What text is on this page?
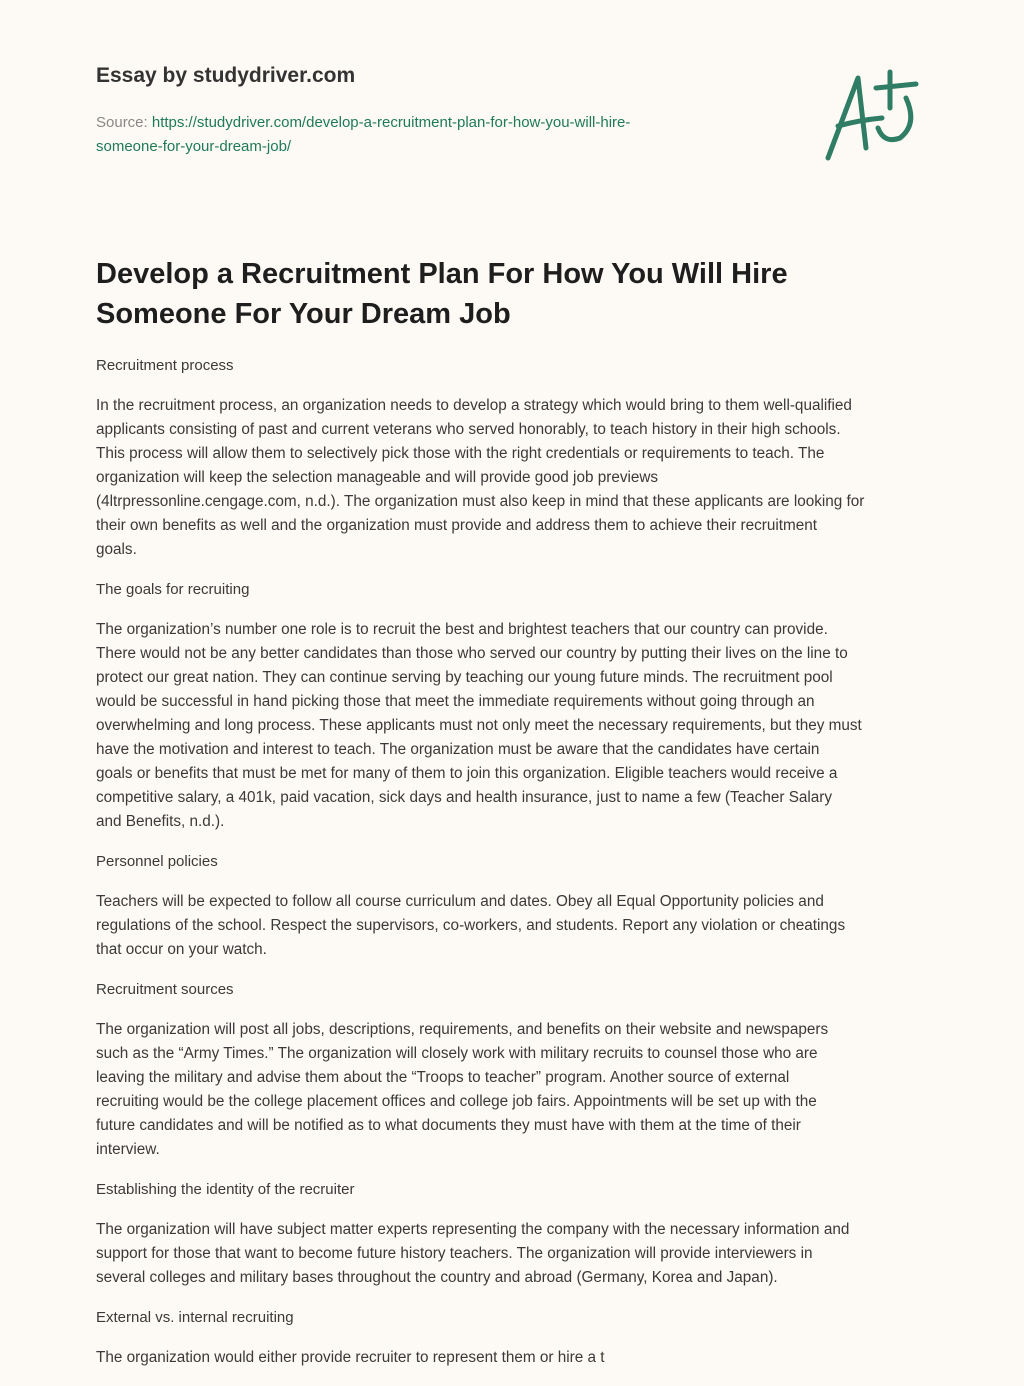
Essay by studydriver.com
Source: https://studydriver.com/develop-a-recruitment-plan-for-how-you-will-hire-
someone-for-your-dream-job/
Develop a Recruitment Plan For How You Will Hire
Someone For Your Dream Job
Recruitment process
In the recruitment process, an organization needs to develop a strategy which would bring to them well-qualified
applicants consisting of past and current veterans who served honorably, to teach history in their high schools.
This process will allow them to selectively pick those with the right credentials or requirements to teach. The
organization will keep the selection manageable and will provide good job previews
(4ltrpressonline.cengage.com, n.d.). The organization must also keep in mind that these applicants are looking for
their own benefits as well and the organization must provide and address them to achieve their recruitment
goals.
The goals for recruiting
The organization’s number one role is to recruit the best and brightest teachers that our country can provide.
There would not be any better candidates than those who served our country by putting their lives on the line to
protect our great nation. They can continue serving by teaching our young future minds. The recruitment pool
would be successful in hand picking those that meet the immediate requirements without going through an
overwhelming and long process. These applicants must not only meet the necessary requirements, but they must
have the motivation and interest to teach. The organization must be aware that the candidates have certain
goals or benefits that must be met for many of them to join this organization. Eligible teachers would receive a
competitive salary, a 401k, paid vacation, sick days and health insurance, just to name a few (Teacher Salary
and Benefits, n.d.).
Personnel policies
Teachers will be expected to follow all course curriculum and dates. Obey all Equal Opportunity policies and
regulations of the school. Respect the supervisors, co-workers, and students. Report any violation or cheatings
that occur on your watch.
Recruitment sources
The organization will post all jobs, descriptions, requirements, and benefits on their website and newspapers
such as the “Army Times.” The organization will closely work with military recruits to counsel those who are
leaving the military and advise them about the “Troops to teacher” program. Another source of external
recruiting would be the college placement offices and college job fairs. Appointments will be set up with the
future candidates and will be notified as to what documents they must have with them at the time of their
interview.
Establishing the identity of the recruiter
The organization will have subject matter experts representing the company with the necessary information and
support for those that want to become future history teachers. The organization will provide interviewers in
several colleges and military bases throughout the country and abroad (Germany, Korea and Japan).
External vs. internal recruiting
The organization would either provide recruiter to represent them or hire a t
